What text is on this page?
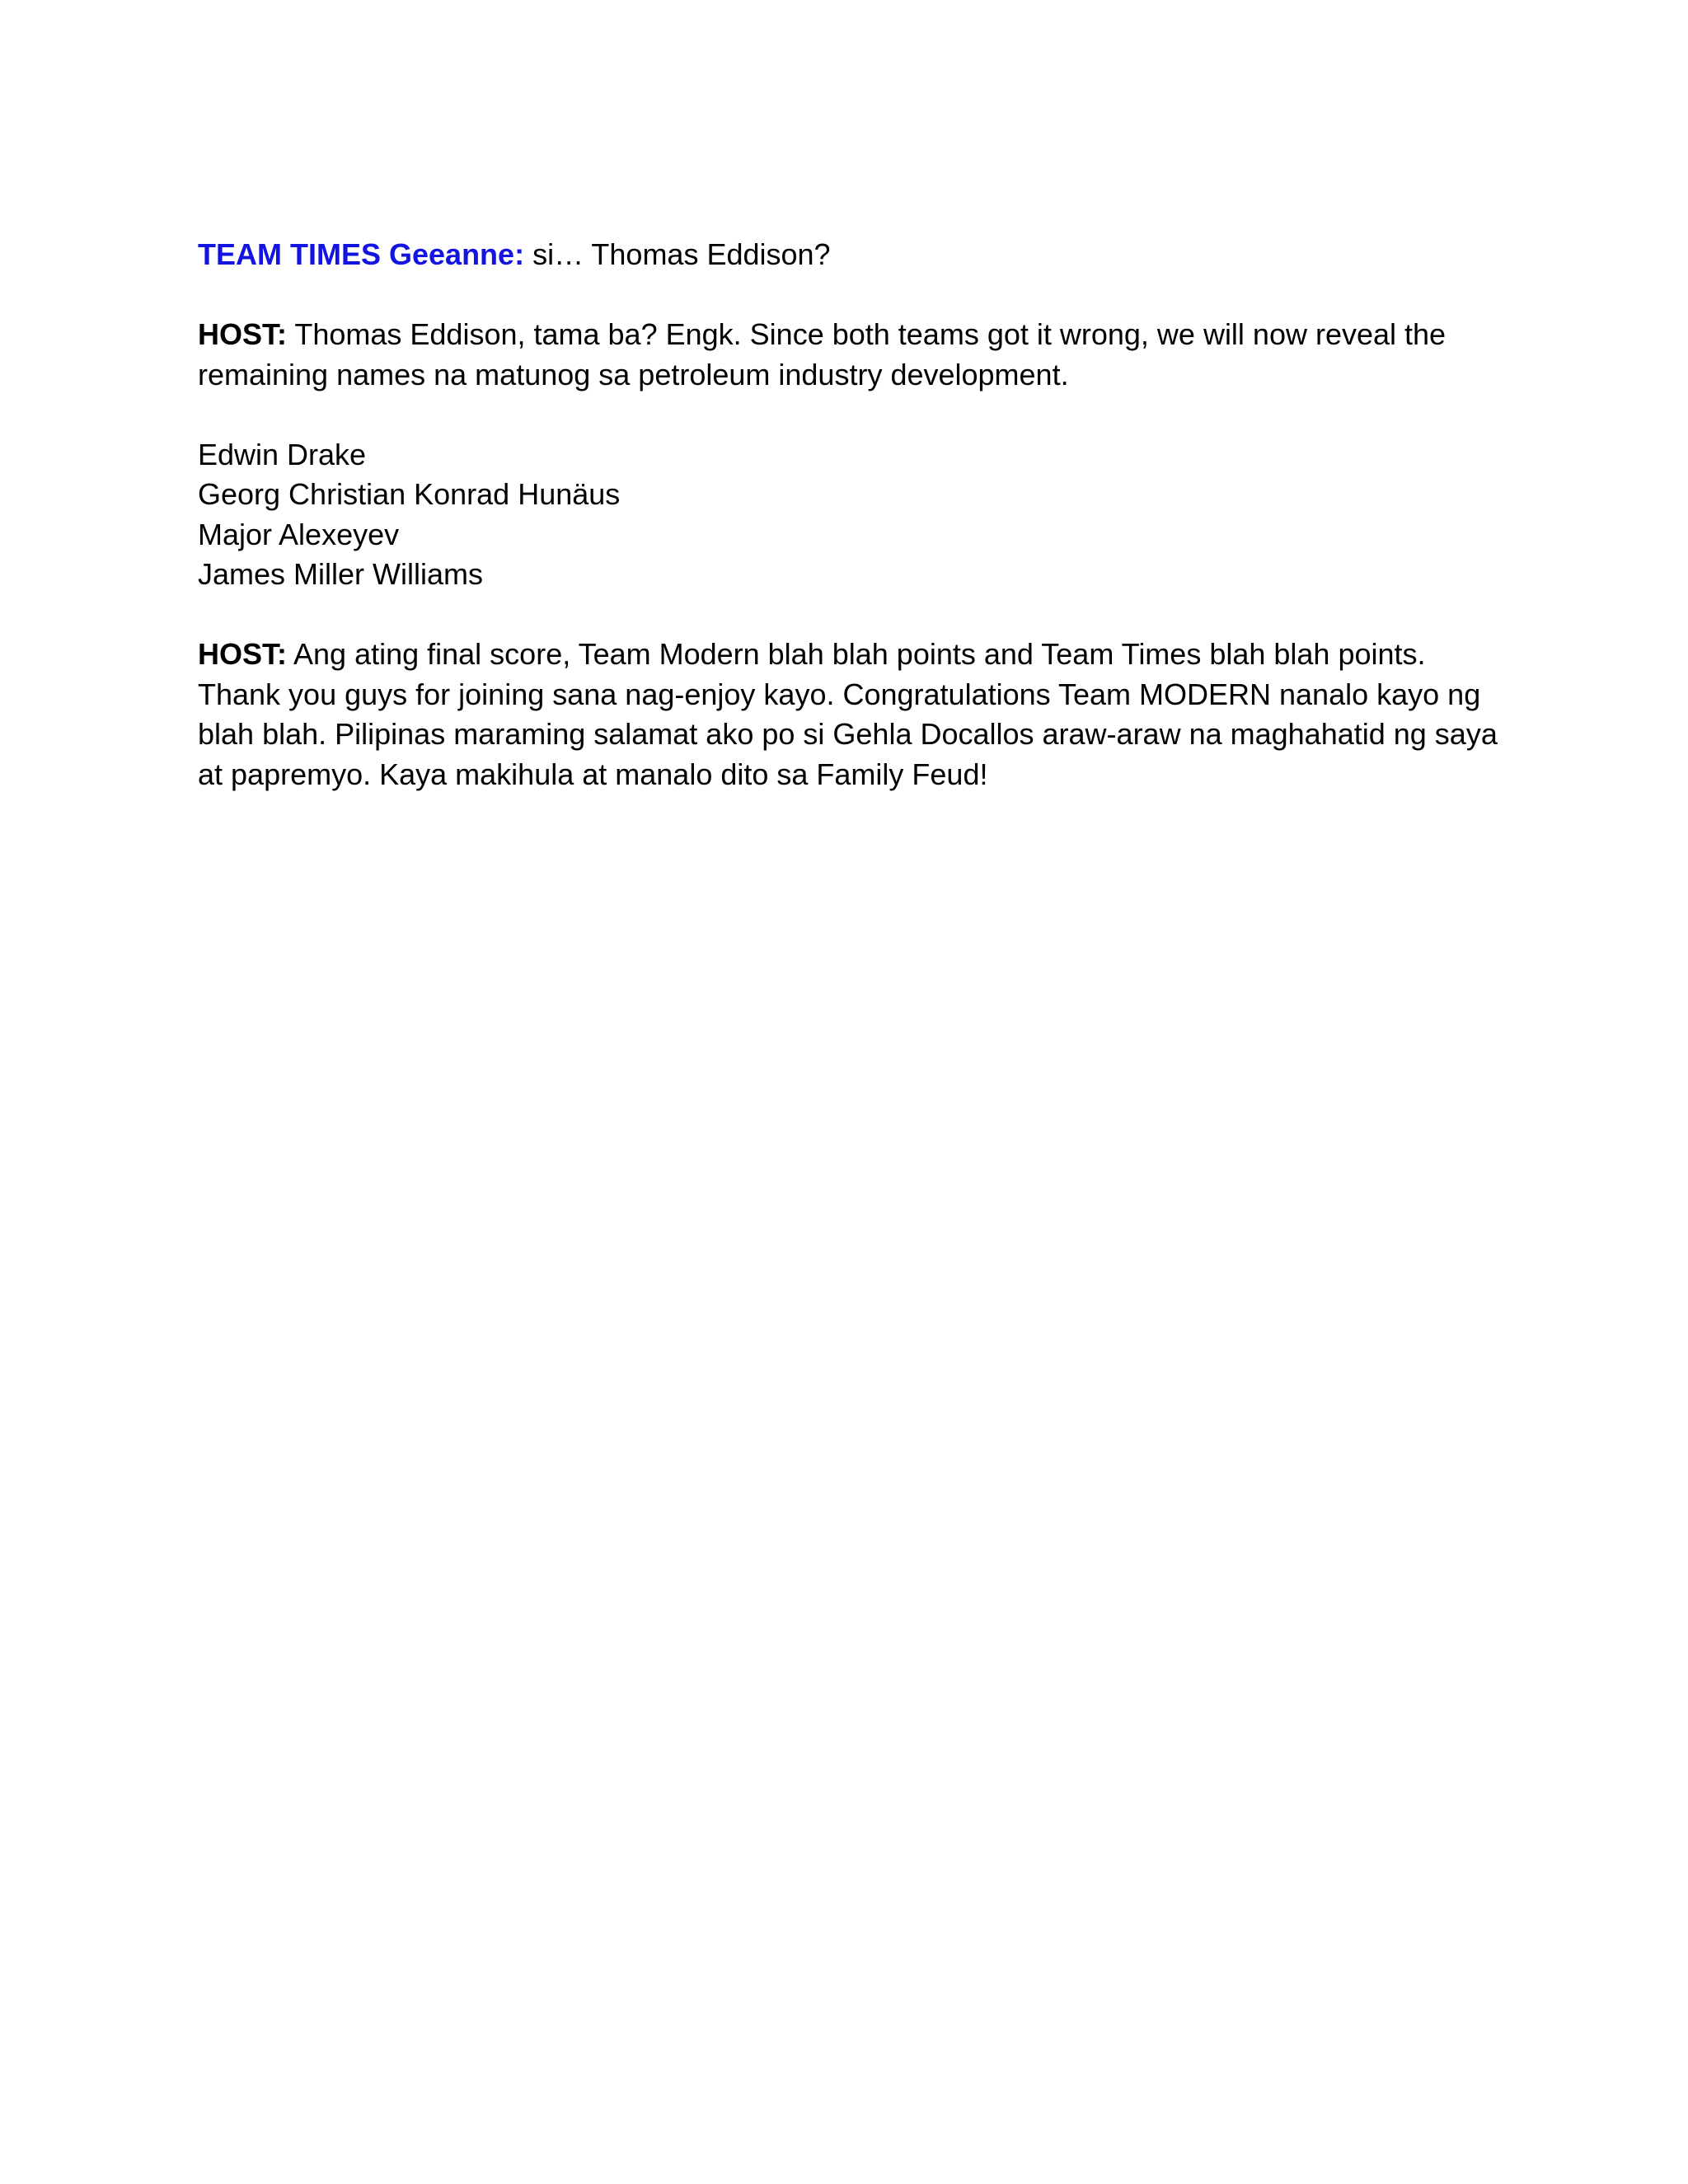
TEAM TIMES Geeanne: si… Thomas Eddison?

HOST: Thomas Eddison, tama ba? Engk. Since both teams got it wrong, we will now reveal the remaining names na matunog sa petroleum industry development.

Edwin Drake
Georg Christian Konrad Hunäus
Major Alexeyev
James Miller Williams

HOST: Ang ating final score, Team Modern blah blah points and Team Times blah blah points. Thank you guys for joining sana nag-enjoy kayo. Congratulations Team MODERN nanalo kayo ng blah blah. Pilipinas maraming salamat ako po si Gehla Docallos araw-araw na maghahatid ng saya at papremyo. Kaya makihula at manalo dito sa Family Feud!
